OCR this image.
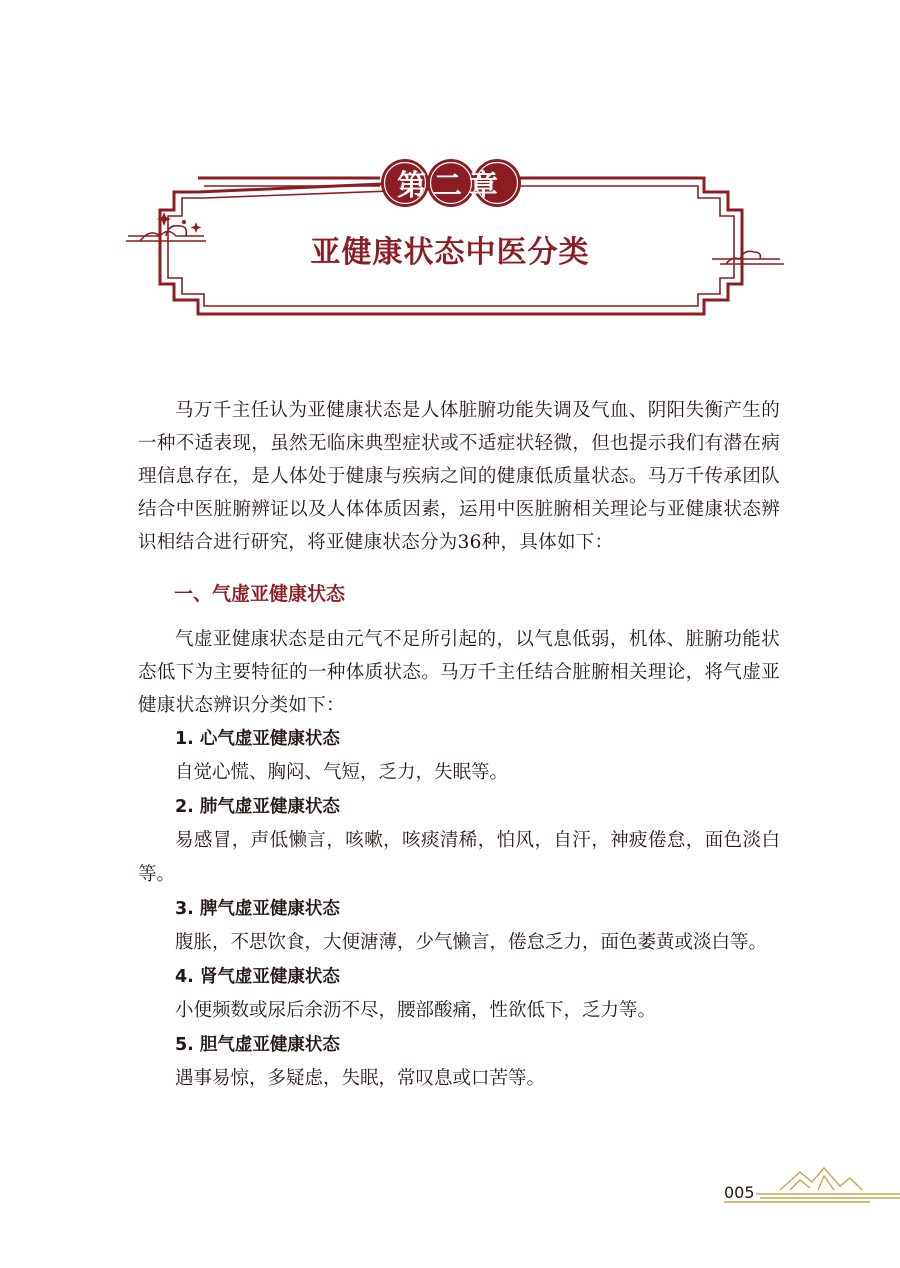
第二章
亚健康状态中医分类

马万千主任认为亚健康状态是人体脏腑功能失调及气血、阴阳失衡产生的一种不适表现，虽然无临床典型症状或不适症状轻微，但也提示我们有潜在病理信息存在，是人体处于健康与疾病之间的健康低质量状态。马万千传承团队结合中医脏腑辨证以及人体体质因素，运用中医脏腑相关理论与亚健康状态辨识相结合进行研究，将亚健康状态分为36种，具体如下：

一、气虚亚健康状态

气虚亚健康状态是由元气不足所引起的，以气息低弱，机体、脏腑功能状态低下为主要特征的一种体质状态。马万千主任结合脏腑相关理论，将气虚亚健康状态辨识分类如下：

1. 心气虚亚健康状态
自觉心慌、胸闷、气短，乏力，失眠等。
2. 肺气虚亚健康状态
易感冒，声低懒言，咳嗽，咳痰清稀，怕风，自汗，神疲倦怠，面色淡白等。
3. 脾气虚亚健康状态
腹胀，不思饮食，大便溏薄，少气懒言，倦怠乏力，面色萎黄或淡白等。
4. 肾气虚亚健康状态
小便频数或尿后余沥不尽，腰部酸痛，性欲低下，乏力等。
5. 胆气虚亚健康状态
遇事易惊，多疑虑，失眠，常叹息或口苦等。
005
